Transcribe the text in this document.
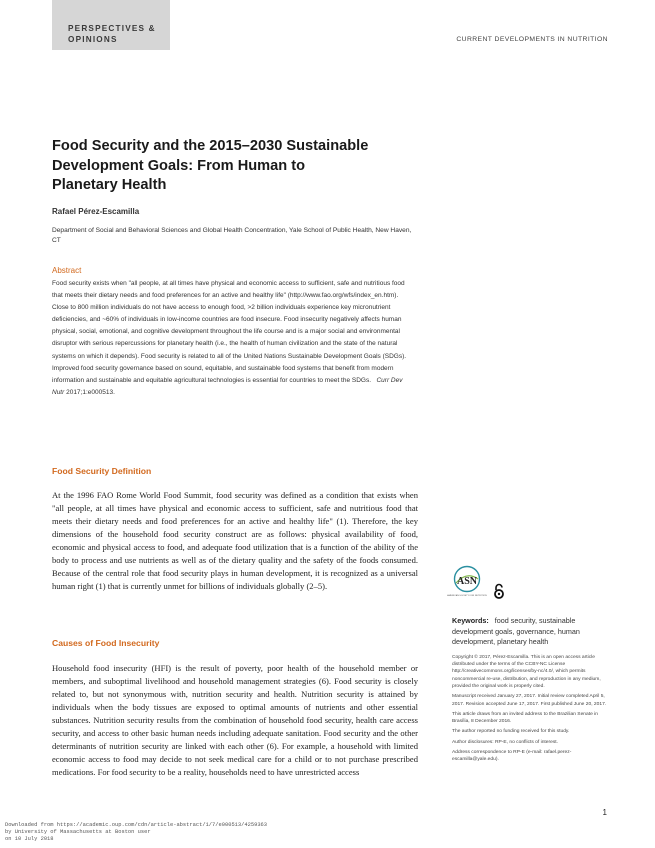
PERSPECTIVES &
OPINIONS	CURRENT DEVELOPMENTS IN NUTRITION
Food Security and the 2015–2030 Sustainable
Development Goals: From Human to
Planetary Health
Rafael Pérez-Escamilla
Department of Social and Behavioral Sciences and Global Health Concentration, Yale School of Public Health, New Haven, CT
Abstract
Food security exists when "all people, at all times have physical and economic access to sufficient, safe and nutritious food that meets their dietary needs and food preferences for an active and healthy life" (http://www.fao.org/wfs/index_en.htm). Close to 800 million individuals do not have access to enough food, >2 billion individuals experience key micronutrient deficiencies, and ~60% of individuals in low-income countries are food insecure. Food insecurity negatively affects human physical, social, emotional, and cognitive development throughout the life course and is a major social and environmental disruptor with serious repercussions for planetary health (i.e., the health of human civilization and the state of the natural systems on which it depends). Food security is related to all of the United Nations Sustainable Development Goals (SDGs). Improved food security governance based on sound, equitable, and sustainable food systems that benefit from modern information and sustainable and equitable agricultural technologies is essential for countries to meet the SDGs. Curr Dev Nutr 2017;1:e000513.
Food Security Definition
At the 1996 FAO Rome World Food Summit, food security was defined as a condition that exists when "all people, at all times have physical and economic access to sufficient, safe and nutritious food that meets their dietary needs and food preferences for an active and healthy life" (1). Therefore, the key dimensions of the household food security construct are as follows: physical availability of food, economic and physical access to food, and adequate food utilization that is a function of the ability of the body to process and use nutrients as well as of the dietary quality and the safety of the foods consumed. Because of the central role that food security plays in human development, it is recognized as a universal human right (1) that is currently unmet for billions of individuals globally (2–5).
Causes of Food Insecurity
Household food insecurity (HFI) is the result of poverty, poor health of the household member or members, and suboptimal livelihood and household management strategies (6). Food security is closely related to, but not synonymous with, nutrition security and health. Nutrition security is attained by individuals when the body tissues are exposed to optimal amounts of nutrients and other essential substances. Nutrition security results from the combination of household food security, health care access security, and access to other basic human needs including adequate sanitation. Food security and the other determinants of nutrition security are linked with each other (6). For example, a household with limited economic access to food may decide to not seek medical care for a child or to not purchase prescribed medications. For food security to be a reality, households need to have unrestricted access
ASN
AMERICAN SOCIETY FOR NUTRITION
Keywords: food security, sustainable development goals, governance, human development, planetary health
Copyright © 2017, Pérez-Escamilla. This is an open access article distributed under the terms of the CCBY-NC License http://creativecommons.org/licenses/by-nc/4.0/, which permits noncommercial re-use, distribution, and reproduction in any medium, provided the original work is properly cited.
Manuscript received January 27, 2017. Initial review completed April 5, 2017. Revision accepted June 17, 2017. First published June 20, 2017.
This article draws from an invited address to the Brazilian Senate in Brasília, 8 December 2016.
The author reported no funding received for this study.
Author disclosures: RP-E, no conflicts of interest.
Address correspondence to RP-E (e-mail: rafael.perez-escamilla@yale.edu).
1
Downloaded from https://academic.oup.com/cdn/article-abstract/1/7/e000513/4259363
by University of Massachusetts at Boston user
on 10 July 2018
